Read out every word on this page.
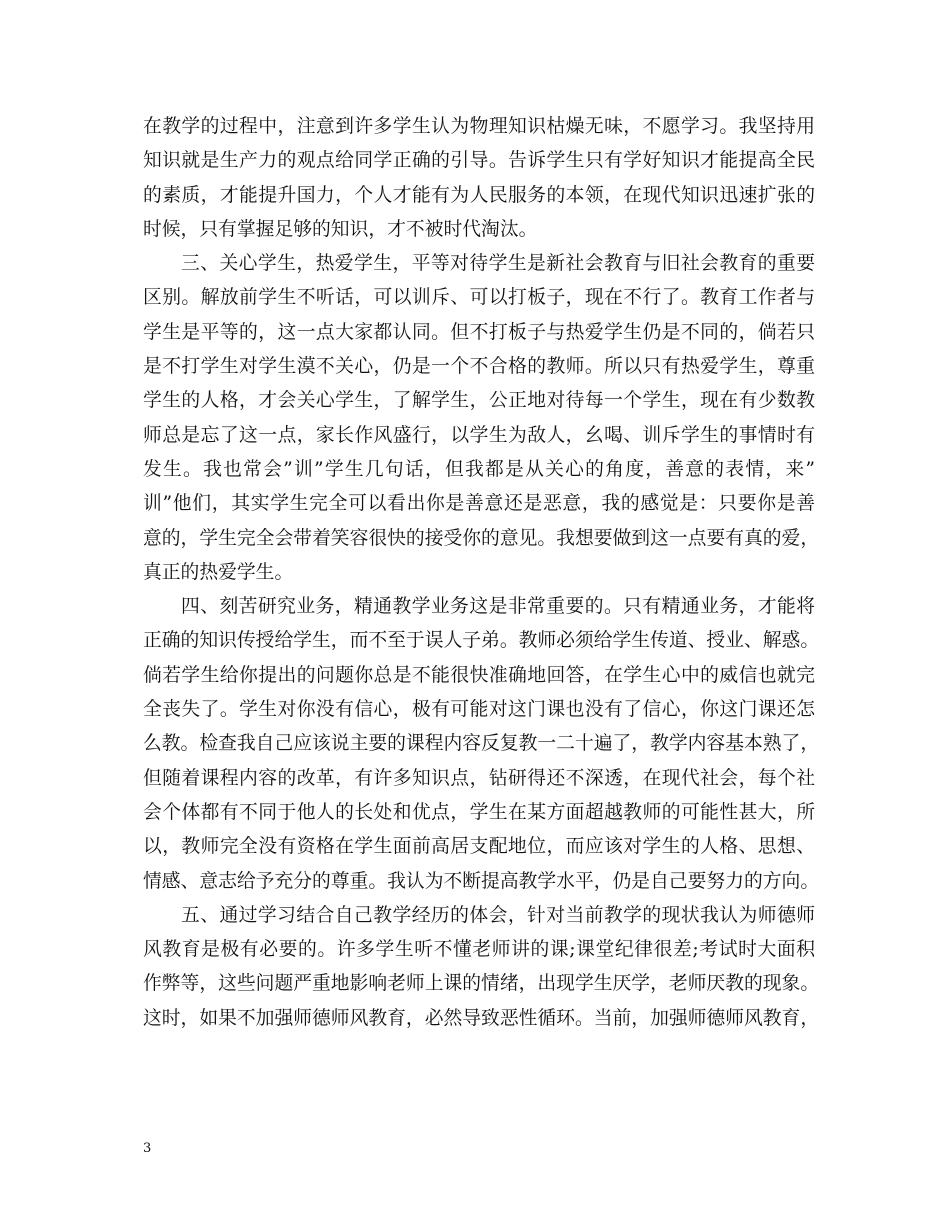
在教学的过程中，注意到许多学生认为物理知识枯燥无味，不愿学习。我坚持用
知识就是生产力的观点给同学正确的引导。告诉学生只有学好知识才能提高全民
的素质，才能提升国力，个人才能有为人民服务的本领，在现代知识迅速扩张的
时候，只有掌握足够的知识，才不被时代淘汰。
三、关心学生，热爱学生，平等对待学生是新社会教育与旧社会教育的重要
区别。解放前学生不听话，可以训斥、可以打板子，现在不行了。教育工作者与
学生是平等的，这一点大家都认同。但不打板子与热爱学生仍是不同的，倘若只
是不打学生对学生漠不关心，仍是一个不合格的教师。所以只有热爱学生，尊重
学生的人格，才会关心学生，了解学生，公正地对待每一个学生，现在有少数教
师总是忘了这一点，家长作风盛行，以学生为敌人，幺喝、训斥学生的事情时有
发生。我也常会”训”学生几句话，但我都是从关心的角度，善意的表情，来”
训”他们，其实学生完全可以看出你是善意还是恶意，我的感觉是：只要你是善
意的，学生完全会带着笑容很快的接受你的意见。我想要做到这一点要有真的爱，
真正的热爱学生。
四、刻苦研究业务，精通教学业务这是非常重要的。只有精通业务，才能将
正确的知识传授给学生，而不至于误人子弟。教师必须给学生传道、授业、解惑。
倘若学生给你提出的问题你总是不能很快准确地回答，在学生心中的威信也就完
全丧失了。学生对你没有信心，极有可能对这门课也没有了信心，你这门课还怎
么教。检查我自己应该说主要的课程内容反复教一二十遍了，教学内容基本熟了，
但随着课程内容的改革，有许多知识点，钻研得还不深透，在现代社会，每个社
会个体都有不同于他人的长处和优点，学生在某方面超越教师的可能性甚大，所
以，教师完全没有资格在学生面前高居支配地位，而应该对学生的人格、思想、
情感、意志给予充分的尊重。我认为不断提高教学水平，仍是自己要努力的方向。
五、通过学习结合自己教学经历的体会，针对当前教学的现状我认为师德师
风教育是极有必要的。许多学生听不懂老师讲的课;课堂纪律很差;考试时大面积
作弊等，这些问题严重地影响老师上课的情绪，出现学生厌学，老师厌教的现象。
这时，如果不加强师德师风教育，必然导致恶性循环。当前，加强师德师风教育，
3
